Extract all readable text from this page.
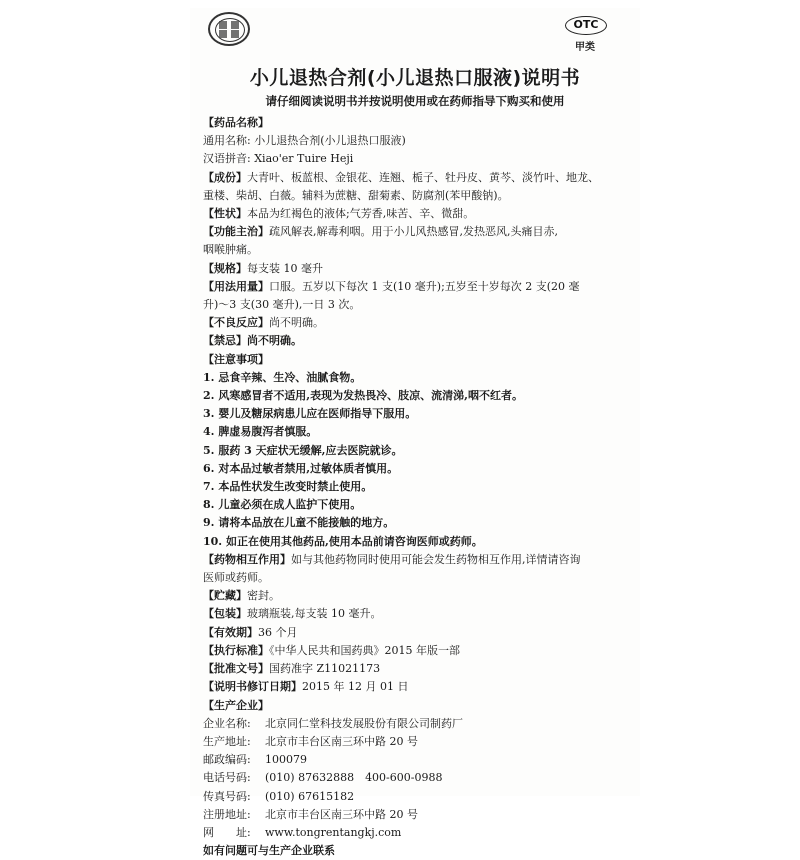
OTC
甲类
小儿退热合剂(小儿退热口服液)说明书
请仔细阅读说明书并按说明使用或在药师指导下购买和使用
【药品名称】
通用名称: 小儿退热合剂(小儿退热口服液)
汉语拼音: Xiao'er Tuire Heji
【成份】大青叶、板蓝根、金银花、连翘、栀子、牡丹皮、黄芩、淡竹叶、地龙、
重楼、柴胡、白薇。辅料为蔗糖、甜菊素、防腐剂(苯甲酸钠)。
【性状】本品为红褐色的液体;气芳香,味苦、辛、微甜。
【功能主治】疏风解表,解毒利咽。用于小儿风热感冒,发热恶风,头痛目赤,
咽喉肿痛。
【规格】每支装 10 毫升
【用法用量】口服。五岁以下每次 1 支(10 毫升);五岁至十岁每次 2 支(20 毫
升)～3 支(30 毫升),一日 3 次。
【不良反应】尚不明确。
【禁忌】尚不明确。
【注意事项】
1. 忌食辛辣、生冷、油腻食物。
2. 风寒感冒者不适用,表现为发热畏冷、肢凉、流清涕,咽不红者。
3. 婴儿及糖尿病患儿应在医师指导下服用。
4. 脾虚易腹泻者慎服。
5. 服药 3 天症状无缓解,应去医院就诊。
6. 对本品过敏者禁用,过敏体质者慎用。
7. 本品性状发生改变时禁止使用。
8. 儿童必须在成人监护下使用。
9. 请将本品放在儿童不能接触的地方。
10. 如正在使用其他药品,使用本品前请咨询医师或药师。
【药物相互作用】如与其他药物同时使用可能会发生药物相互作用,详情请咨询
医师或药师。
【贮藏】密封。
【包装】玻璃瓶装,每支装 10 毫升。
【有效期】36 个月
【执行标准】《中华人民共和国药典》2015 年版一部
【批准文号】国药准字 Z11021173
【说明书修订日期】2015 年 12 月 01 日
【生产企业】
企业名称: 北京同仁堂科技发展股份有限公司制药厂
生产地址: 北京市丰台区南三环中路 20 号
邮政编码: 100079
电话号码: (010) 87632888　400-600-0988
传真号码: (010) 67615182
注册地址: 北京市丰台区南三环中路 20 号
网　　址: www.tongrentangkj.com
如有问题可与生产企业联系
